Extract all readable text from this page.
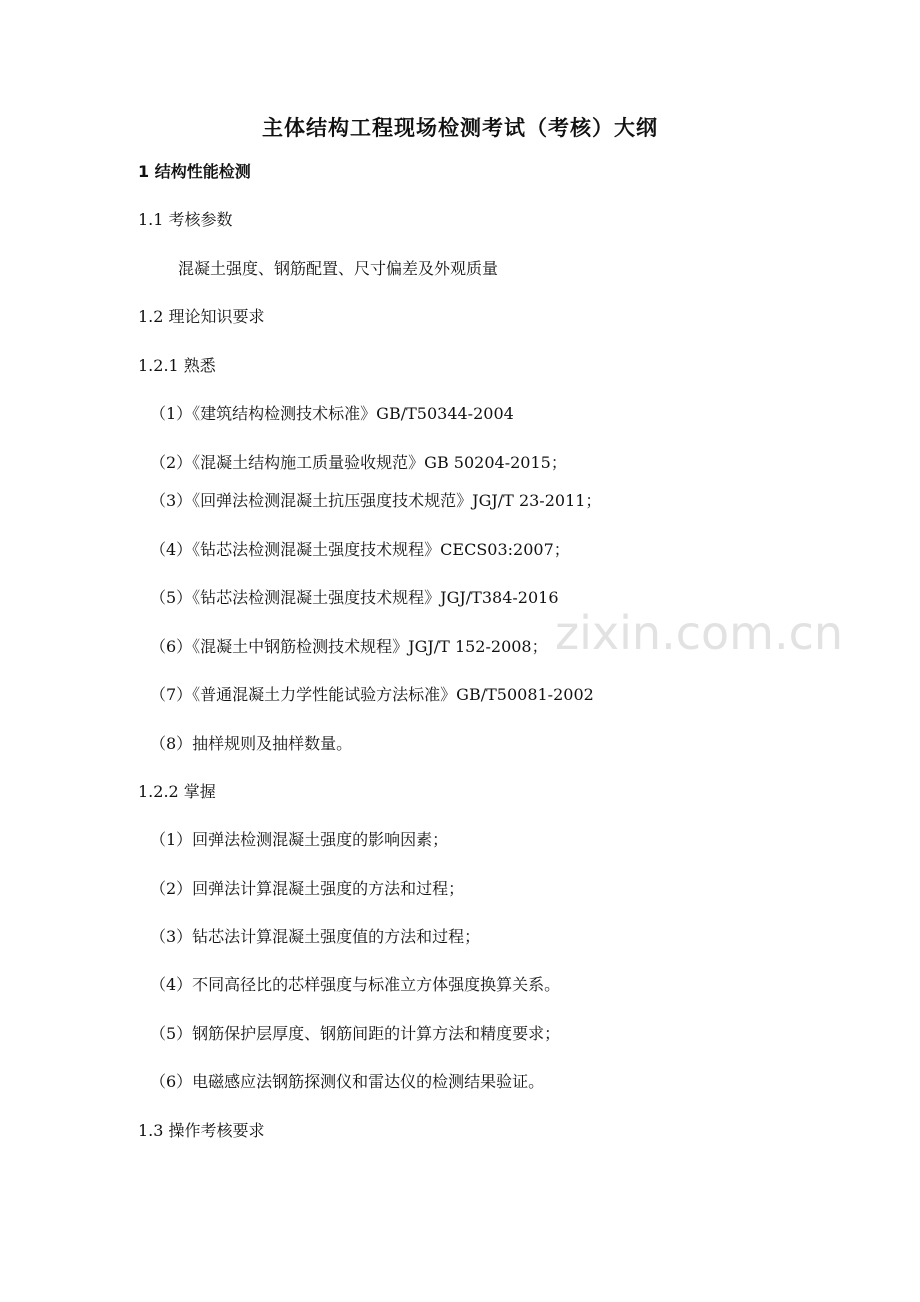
主体结构工程现场检测考试（考核）大纲
1 结构性能检测
1.1 考核参数
混凝土强度、钢筋配置、尺寸偏差及外观质量
1.2 理论知识要求
1.2.1 熟悉
（1）《建筑结构检测技术标准》GB/T50344-2004
（2）《混凝土结构施工质量验收规范》GB 50204-2015；
（3）《回弹法检测混凝土抗压强度技术规范》JGJ/T 23-2011；
（4）《钻芯法检测混凝土强度技术规程》CECS03:2007；
（5）《钻芯法检测混凝土强度技术规程》JGJ/T384-2016
（6）《混凝土中钢筋检测技术规程》JGJ/T 152-2008；
（7）《普通混凝土力学性能试验方法标准》GB/T50081-2002
（8）抽样规则及抽样数量。
1.2.2 掌握
（1）回弹法检测混凝土强度的影响因素；
（2）回弹法计算混凝土强度的方法和过程；
（3）钻芯法计算混凝土强度值的方法和过程；
（4）不同高径比的芯样强度与标准立方体强度换算关系。
（5）钢筋保护层厚度、钢筋间距的计算方法和精度要求；
（6）电磁感应法钢筋探测仪和雷达仪的检测结果验证。
1.3 操作考核要求
zixin.com.cn
